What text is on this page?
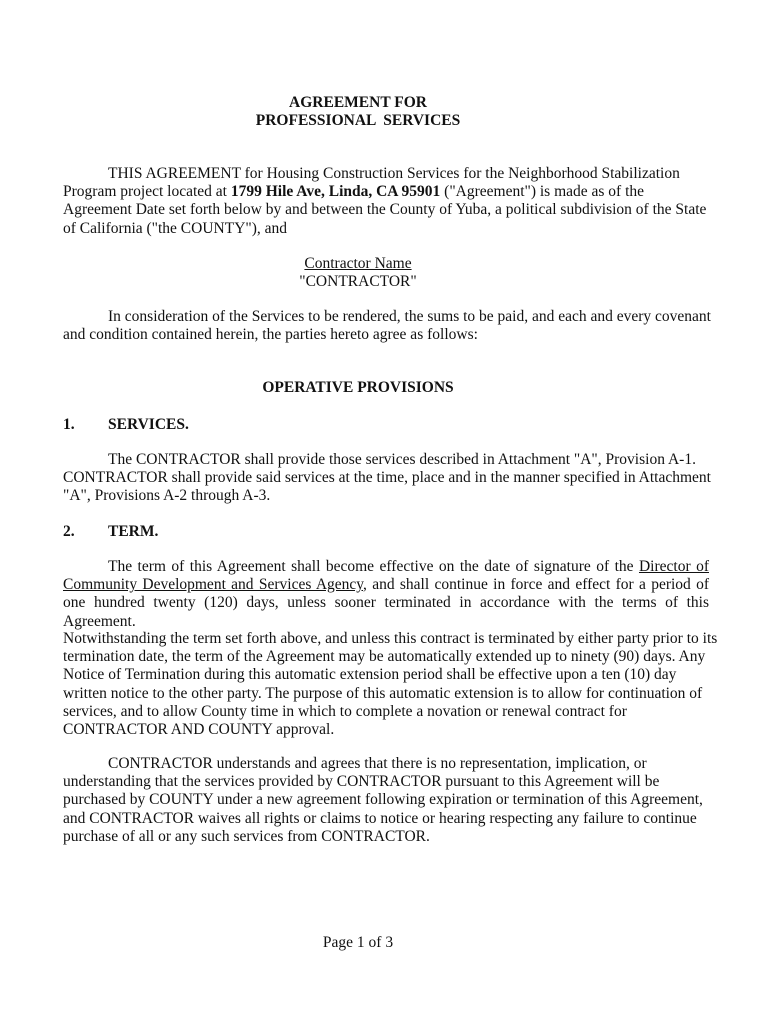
AGREEMENT FOR
PROFESSIONAL  SERVICES

THIS AGREEMENT for Housing Construction Services for the Neighborhood Stabilization Program project located at 1799 Hile Ave, Linda, CA 95901 ("Agreement") is made as of the Agreement Date set forth below by and between the County of Yuba, a political subdivision of the State of California ("the COUNTY"), and

Contractor Name
"CONTRACTOR"

In consideration of the Services to be rendered, the sums to be paid, and each and every covenant and condition contained herein, the parties hereto agree as follows:

OPERATIVE PROVISIONS
1. SERVICES.

The CONTRACTOR shall provide those services described in Attachment "A", Provision A-1. CONTRACTOR shall provide said services at the time, place and in the manner specified in Attachment "A", Provisions A-2 through A-3.

2. TERM.

The term of this Agreement shall become effective on the date of signature of the Director of Community Development and Services Agency, and shall continue in force and effect for a period of one hundred twenty (120) days, unless sooner terminated in accordance with the terms of this Agreement.

Notwithstanding the term set forth above, and unless this contract is terminated by either party prior to its
termination date, the term of the Agreement may be automatically extended up to ninety (90) days. Any
Notice of Termination during this automatic extension period shall be effective upon a ten (10) day
written notice to the other party. The purpose of this automatic extension is to allow for continuation of
services, and to allow County time in which to complete a novation or renewal contract for
CONTRACTOR AND COUNTY approval.
CONTRACTOR understands and agrees that there is no representation, implication, or
understanding that the services provided by CONTRACTOR pursuant to this Agreement will be
purchased by COUNTY under a new agreement following expiration or termination of this Agreement,
and CONTRACTOR waives all rights or claims to notice or hearing respecting any failure to continue
purchase of all or any such services from CONTRACTOR.
Page 1 of 3
